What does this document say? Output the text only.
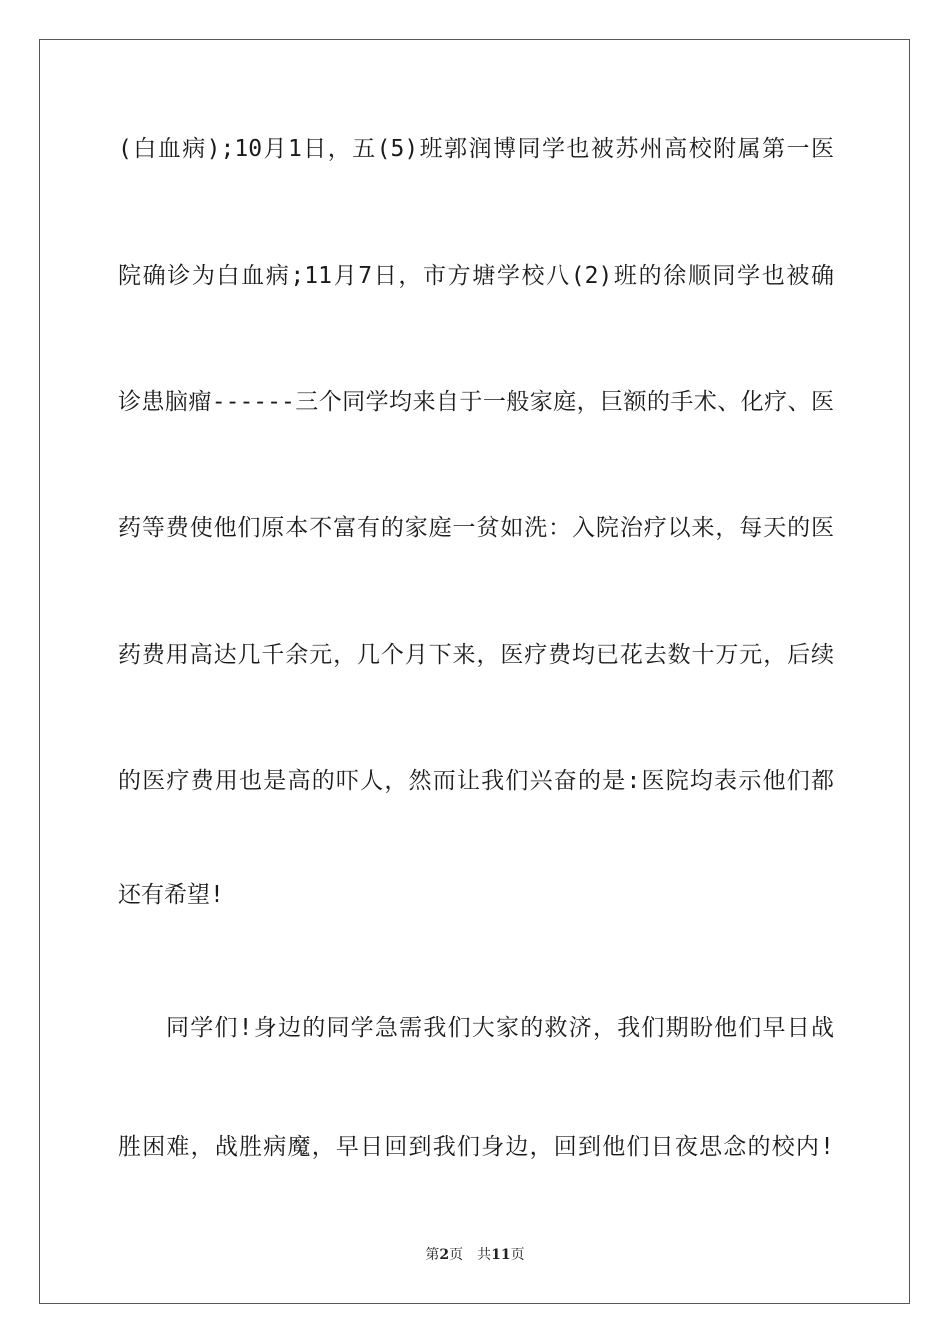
(白血病);10月1日，五(5)班郭润博同学也被苏州高校附属第一医

院确诊为白血病;11月7日，市方塘学校八(2)班的徐顺同学也被确

诊患脑瘤------三个同学均来自于一般家庭，巨额的手术、化疗、医

药等费使他们原本不富有的家庭一贫如洗：入院治疗以来，每天的医

药费用高达几千余元，几个月下来，医疗费均已花去数十万元，后续

的医疗费用也是高的吓人，然而让我们兴奋的是:医院均表示他们都

还有希望!

同学们!身边的同学急需我们大家的救济，我们期盼他们早日战

胜困难，战胜病魔，早日回到我们身边，回到他们日夜思念的校内!

第2页 共11页
